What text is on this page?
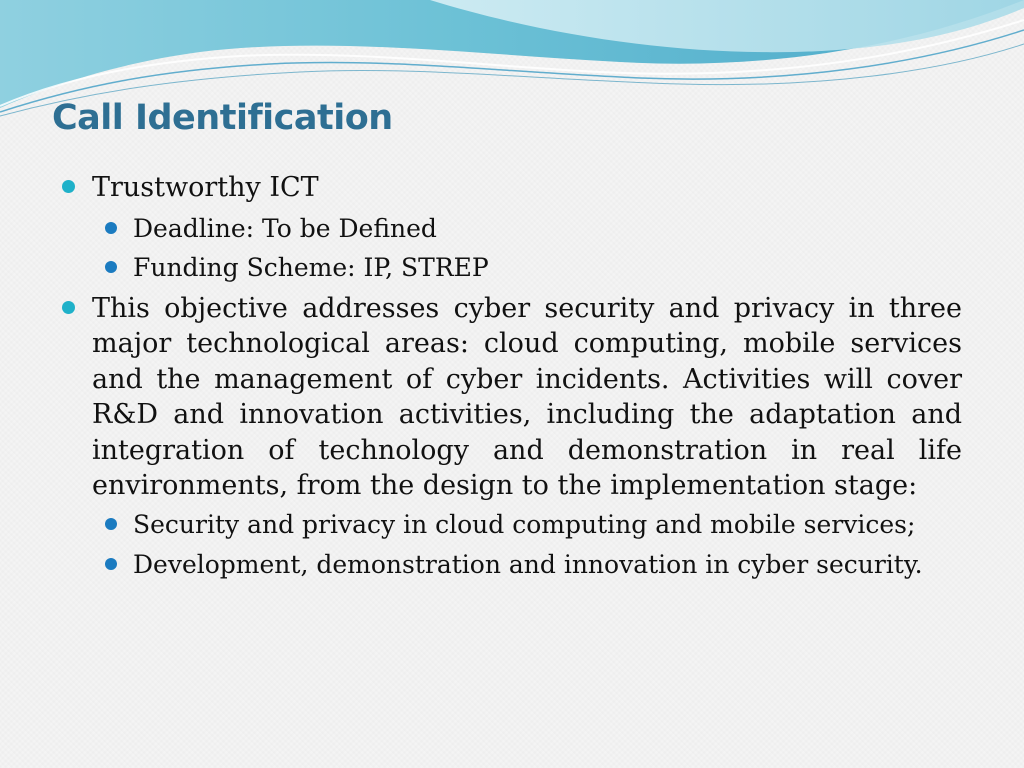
Call Identification
Trustworthy ICT
Deadline: To be Defined
Funding Scheme: IP, STREP
This objective addresses cyber security and privacy in three major technological areas: cloud computing, mobile services and the management of cyber incidents. Activities will cover R&D and innovation activities, including the adaptation and integration of technology and demonstration in real life environments, from the design to the implementation stage:
Security and privacy in cloud computing and mobile services;
Development, demonstration and innovation in cyber security.
